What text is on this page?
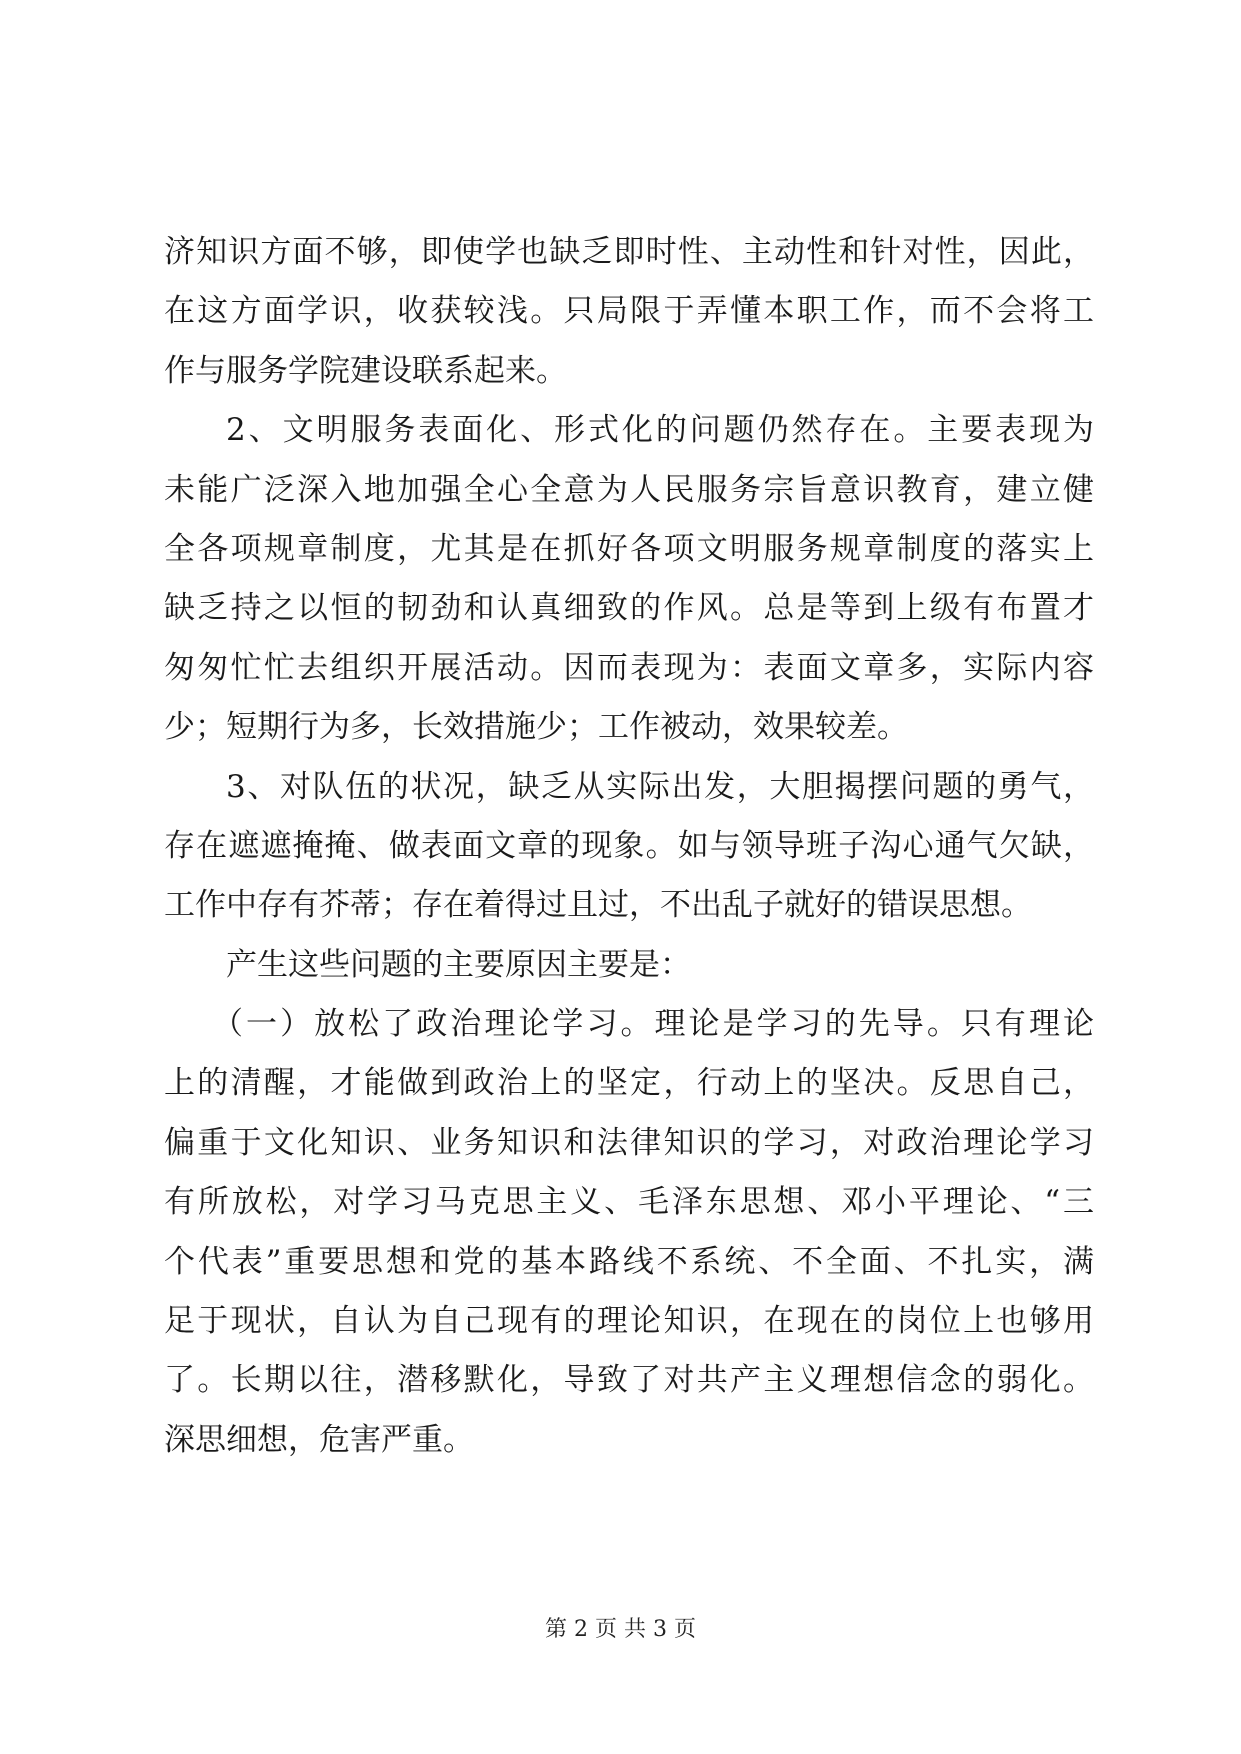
济知识方面不够，即使学也缺乏即时性、主动性和针对性，因此，
在这方面学识，收获较浅。只局限于弄懂本职工作，而不会将工
作与服务学院建设联系起来。
2、文明服务表面化、形式化的问题仍然存在。主要表现为
未能广泛深入地加强全心全意为人民服务宗旨意识教育，建立健
全各项规章制度，尤其是在抓好各项文明服务规章制度的落实上
缺乏持之以恒的韧劲和认真细致的作风。总是等到上级有布置才
匆匆忙忙去组织开展活动。因而表现为：表面文章多，实际内容
少；短期行为多，长效措施少；工作被动，效果较差。
3、对队伍的状况，缺乏从实际出发，大胆揭摆问题的勇气，
存在遮遮掩掩、做表面文章的现象。如与领导班子沟心通气欠缺，
工作中存有芥蒂；存在着得过且过，不出乱子就好的错误思想。
产生这些问题的主要原因主要是：
（一）放松了政治理论学习。理论是学习的先导。只有理论
上的清醒，才能做到政治上的坚定，行动上的坚决。反思自己，
偏重于文化知识、业务知识和法律知识的学习，对政治理论学习
有所放松，对学习马克思主义、毛泽东思想、邓小平理论、“三
个代表”重要思想和党的基本路线不系统、不全面、不扎实，满
足于现状，自认为自己现有的理论知识，在现在的岗位上也够用
了。长期以往，潜移默化，导致了对共产主义理想信念的弱化。
深思细想，危害严重。
第 2 页 共 3 页
